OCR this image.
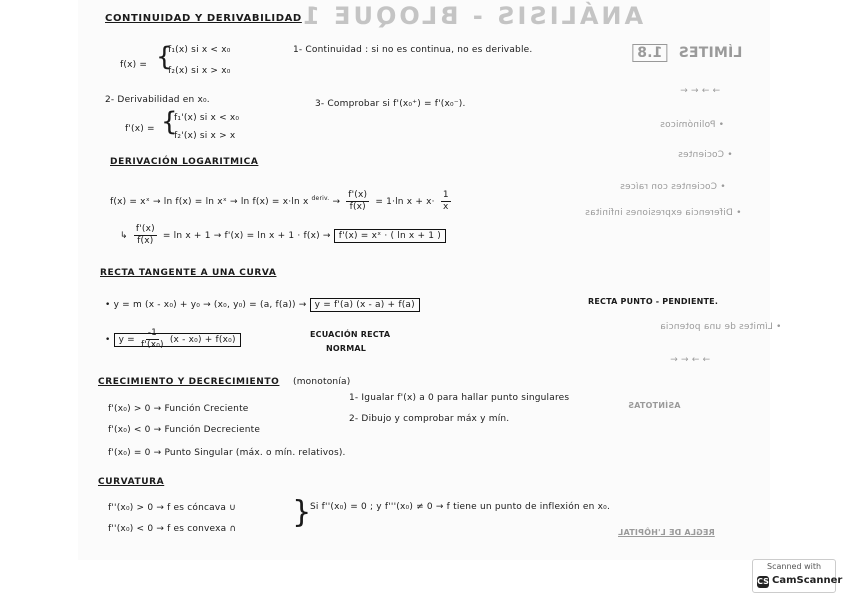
ANÁLISIS - BLOQUE 1
CONTINUIDAD Y DERIVABILIDAD
f(x) = {
f₁(x) si x < x₀
f₂(x) si x > x₀
1- Continuidad : si no es continua, no es derivable.
2- Derivabilidad en x₀.
f'(x) = {
f₁'(x) si x < x₀
f₂'(x) si x > x
3- Comprobar si f'(x₀⁺) = f'(x₀⁻).
DERIVACIÓN LOGARITMICA
f(x) = xˣ → ln f(x) = ln xˣ → ln f(x) = x·ln x $^{deriv.} \to \frac{f'(x)}{f(x)} = 1\cdot\ln$ $x + x\cdot \frac{1}{x}$
↳ $\frac{f'(x)}{f(x)} = \ln x + 1 \to f'(x) = \ln x + 1 \cdot f(x) \to f'(x)$ = xˣ · ( ln x + 1 )
RECTA TANGENTE A UNA CURVA
• y = m (x - x₀) + y₀ → (x₀, y₀) = (a, f(a)) → y = f'(a) (x - a) + f(a)	RECTA PUNTO - PENDIENTE.
• $y = \frac{-1}{\text{f'(x₀)}} (x - x_0) + f(x_0)$
ECUACIÓN RECTA
NORMAL
CRECIMIENTO Y DECRECIMIENTO (monotonía)
f'(x₀) > 0 → Función Creciente
f'(x₀) < 0 → Función Decreciente
f'(x₀) = 0 → Punto Singular (máx. o mín. relativos).
1- Igualar f'(x) a 0 para hallar punto singulares
2- Dibujo y comprobar máx y mín.
CURVATURA
f''(x₀) > 0 → f es cóncava ∪
f''(x₀) < 0 → f es convexa ∩ {
Si f''(x₀) = 0 ; y f'''(x₀) ≠ 0 → f tiene un punto de inflexión en x₀.
LÍMITES 1.8
→ → ← ←
• Polinómicos
• Cocientes
• Cocientes con raíces
• Diferencia expresiones infinitas
• Límites de una potencia
→ → ← ←
ASÍNTOTAS
REGLA DE L'HÔPITAL
Scanned with
CS CamScanner
